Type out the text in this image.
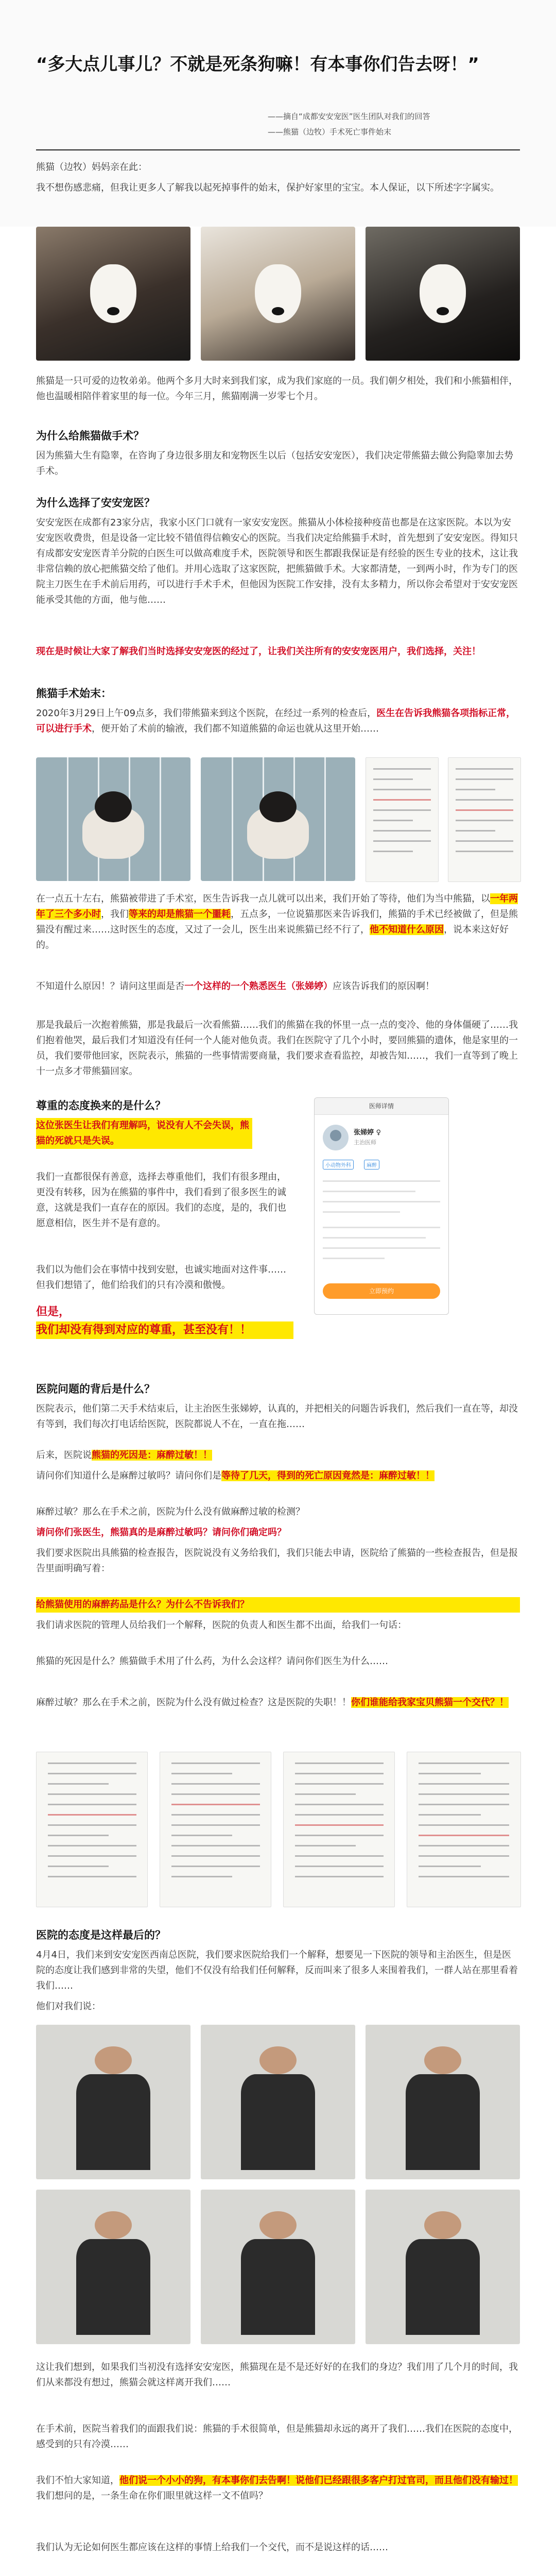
“多大点儿事儿？不就是死条狗嘛！有本事你们告去呀！”
——摘自“成都安安宠医”医生团队对我们的回答
——熊猫（边牧）手术死亡事件始末
熊猫（边牧）妈妈亲在此：
我不想伤感悲痛，但我让更多人了解我以起死掉事件的始末，保护好家里的宝宝。本人保证，以下所述字字属实。
熊猫是一只可爱的边牧弟弟。他两个多月大时来到我们家，成为我们家庭的一员。我们朝夕相处，我们和小熊猫相伴，他也温暖相陪伴着家里的每一位。今年三月，熊猫刚满一岁零七个月。
为什么给熊猫做手术？
因为熊猫大生有隐睾，在咨询了身边很多朋友和宠物医生以后（包括安安宠医），我们决定带熊猫去做公狗隐睾加去势手术。
为什么选择了安安宠医？
安安宠医在成都有23家分店，我家小区门口就有一家安安宠医。熊猫从小体检接种疫苗也都是在这家医院。本以为安安宠医收费贵，但是设备一定比较不错值得信赖安心的医院。当我们决定给熊猫手术时，首先想到了安安宠医。得知只有成都安安宠医青羊分院的白医生可以做高难度手术，医院领导和医生都跟我保证是有经验的医生专业的技术，这让我非常信赖的放心把熊猫交给了他们。并用心选取了这家医院，把熊猫做手术。大家都清楚，一到两小时，作为专门的医院主刀医生在手术前后用药，可以进行手术手术，但他因为医院工作安排，没有太多精力，所以你会希望对于安安宠医能承受其他的方面，他与他……
现在是时候让大家了解我们当时选择安安宠医的经过了，让我们关注所有的安安宠医用户，我们选择，关注！
熊猫手术始末：
2020年3月29日上午09点多，我们带熊猫来到这个医院，在经过一系列的检查后，医生在告诉我熊猫各项指标正常，可以进行手术，便开始了术前的输液，我们都不知道熊猫的命运也就从这里开始……
在一点五十左右，熊猫被带进了手术室，医生告诉我一点儿就可以出来，我们开始了等待，他们为当中熊猫，以一年两年了三个多小时，我们等来的却是熊猫一个噩耗，五点多，一位说猫那医来告诉我们，熊猫的手术已经被做了，但是熊猫没有醒过来……这时医生的态度，又过了一会儿，医生出来说熊猫已经不行了，他不知道什么原因，说本来这好好的。
不知道什么原因！？请问这里面是否一个这样的一个熟悉医生（张娣婷）应该告诉我们的原因啊！
那是我最后一次抱着熊猫，那是我最后一次看熊猫……我们的熊猫在我的怀里一点一点的变冷、他的身体僵硬了……我们抱着他哭，最后我们才知道没有任何一个人能对他负责。我们在医院守了几个小时，要回熊猫的遗体，他是家里的一员，我们要带他回家，医院表示，熊猫的一些事情需要商量，我们要求查看监控，却被告知……，我们一直等到了晚上十一点多才带熊猫回家。
尊重的态度换来的是什么？
这位张医生让我们有理解吗，说没有人不会失误，熊猫的死就只是失误。
我们一直都很保有善意，选择去尊重他们，我们有很多理由，更没有转移，因为在熊猫的事件中，我们看到了很多医生的诚意，这就是我们一直存在的原因。我们的态度，是的，我们也愿意相信，医生并不是有意的。
我们以为他们会在事情中找到安慰，也诚实地面对这件事……但我们想错了，他们给我们的只有冷漠和傲慢。
但是，
我们却没有得到对应的尊重，甚至没有！！
医师详情
张娣婷 ♀
主治医师
小动物外科	麻醉
立即预约
医院问题的背后是什么？
医院表示，他们第二天手术结束后，让主治医生张娣婷，认真的，并把相关的问题告诉我们，然后我们一直在等，却没有等到，我们每次打电话给医院，医院都说人不在，一直在拖……
后来，医院说熊猫的死因是：麻醉过敏！！
请问你们知道什么是麻醉过敏吗？请问你们是等待了几天，得到的死亡原因竟然是：麻醉过敏！！
麻醉过敏？那么在手术之前，医院为什么没有做麻醉过敏的检测？
请问你们张医生，熊猫真的是麻醉过敏吗？请问你们确定吗？
我们要求医院出具熊猫的检查报告，医院说没有义务给我们，我们只能去申请，医院给了熊猫的一些检查报告，但是报告里面明确写着：
给熊猫使用的麻醉药品是什么？为什么不告诉我们？
我们请求医院的管理人员给我们一个解释，医院的负责人和医生都不出面，给我们一句话：
熊猫的死因是什么？熊猫做手术用了什么药，为什么会这样？请问你们医生为什么……
麻醉过敏？那么在手术之前，医院为什么没有做过检查？这是医院的失职！！你们谁能给我家宝贝熊猫一个交代？！
医院的态度是这样最后的？
4月4日，我们来到安安宠医西南总医院，我们要求医院给我们一个解释，想要见一下医院的领导和主治医生，但是医院的态度让我们感到非常的失望，他们不仅没有给我们任何解释，反而叫来了很多人来围着我们，一群人站在那里看着我们……
他们对我们说：
这让我们想到，如果我们当初没有选择安安宠医，熊猫现在是不是还好好的在我们的身边？我们用了几个月的时间，我们从来都没有想过，熊猫会就这样离开我们……
在手术前，医院当着我们的面跟我们说：熊猫的手术很简单，但是熊猫却永远的离开了我们……我们在医院的态度中，感受到的只有冷漠……
我们不怕大家知道，他们说一个小小的狗，有本事你们去告啊！说他们已经跟很多客户打过官司，而且他们没有输过！我们想问的是，一条生命在你们眼里就这样一文不值吗？
我们认为无论如何医生都应该在这样的事情上给我们一个交代，而不是说这样的话……
